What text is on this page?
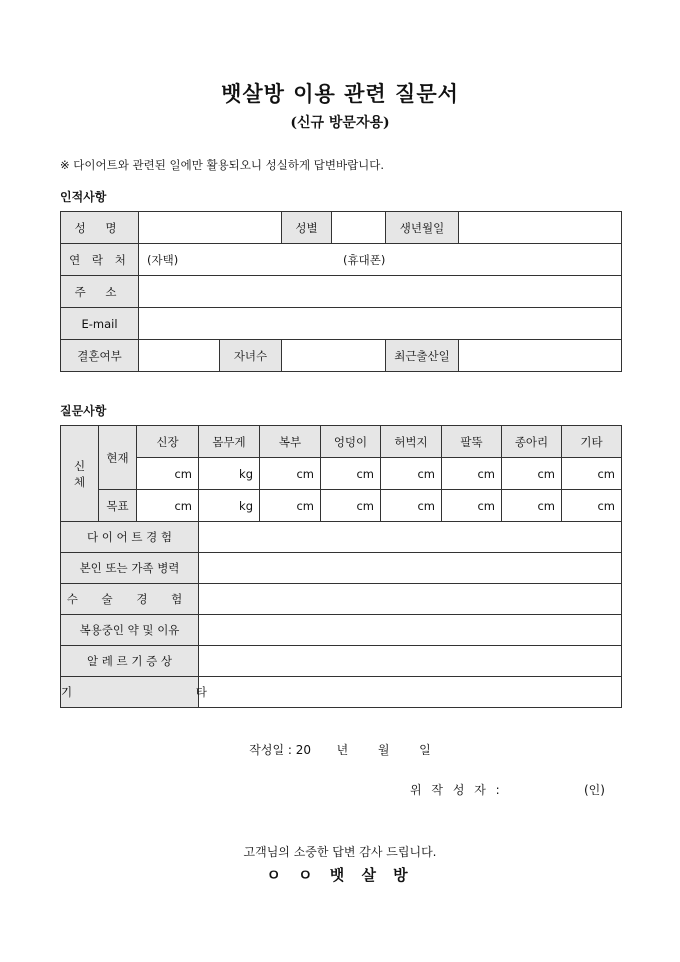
뱃살방 이용 관련 질문서
(신규 방문자용)
※ 다이어트와 관련된 일에만 활용되오니 성실하게 답변바랍니다.
인적사항
성 명			성별		생년월일	
연 락 처	(자택) (휴대폰)					
주 소						
E-mail						
결혼여부		자녀수			최근출산일	
질문사항
신 체	현재	신장	몸무게	복부	엉덩이	허벅지	팔뚝	종아리	기타
		cm	kg	cm	cm	cm	cm	cm	cm
	목표	cm	kg	cm	cm	cm	cm	cm	cm
다 이 어 트 경 험									
본인 또는 가족 병력									
수 술 경 험									
복용중인 약 및 이유									
알 레 르 기 증 상									
기 타									
작성일 : 20 년 월 일
위 작 성 자 :	(인)
고객님의 소중한 답변 감사 드립니다.
ㅇ ㅇ 뱃 살 방
